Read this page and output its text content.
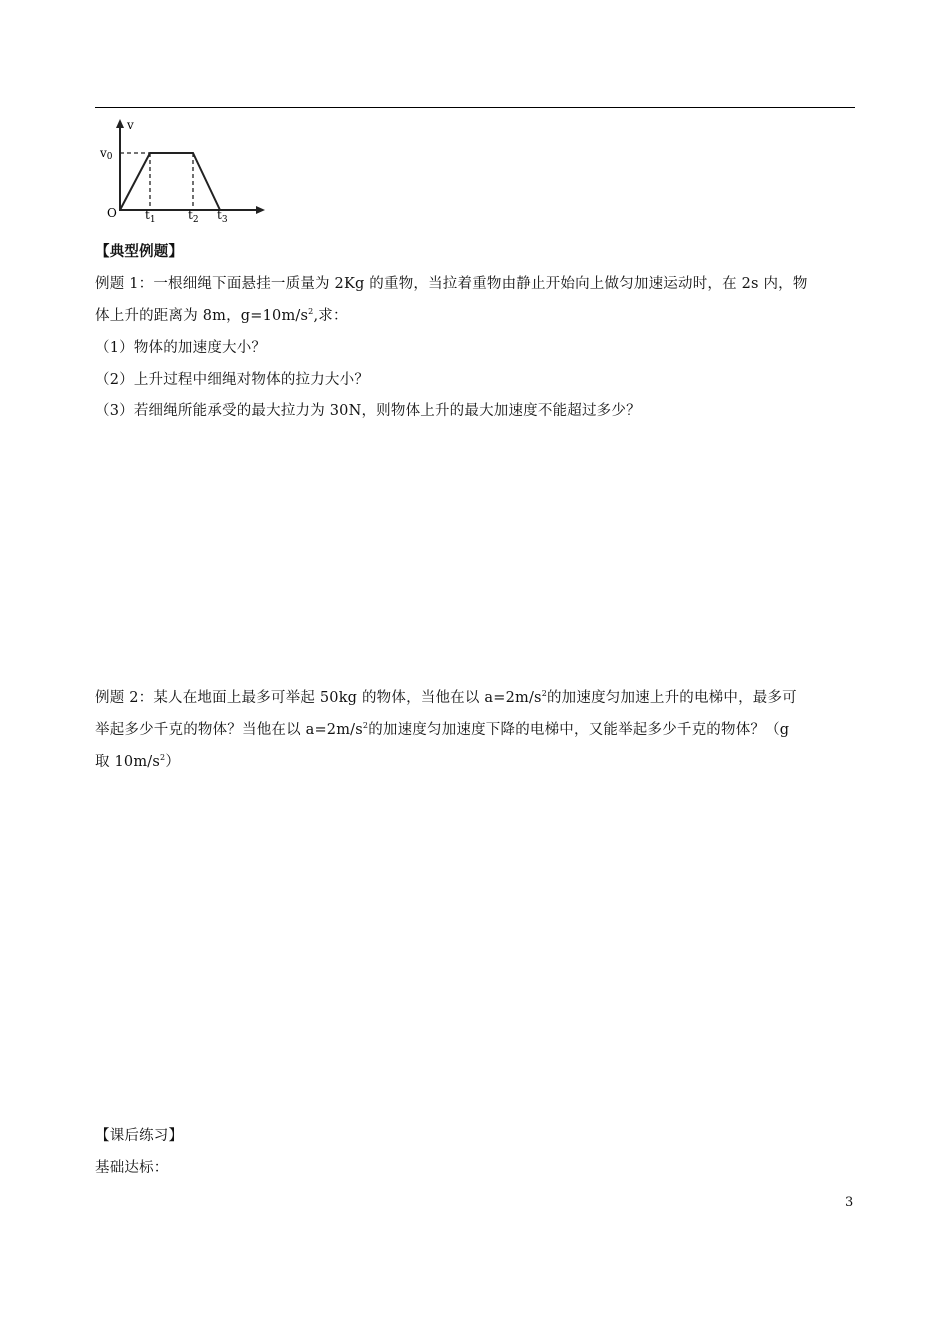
v
v0
O $t_1$	$t_2$ $t_3$
【典型例题】
例题 1：一根细绳下面悬挂一质量为 2Kg 的重物，当拉着重物由静止开始向上做匀加速运动时，在 2s 内，物
体上升的距离为 8m，$g=10m/s^2$,求：
（1）物体的加速度大小？
（2）上升过程中细绳对物体的拉力大小？
（3）若细绳所能承受的最大拉力为 30N，则物体上升的最大加速度不能超过多少？
例题 2：某人在地面上最多可举起 50kg 的物体，当他在以 $a=2m/s^2$的加速度匀加速上升的电梯中，最多可
举起多少千克的物体？当他在以 $a=2m/s^2$的加速度匀加速度下降的电梯中，又能举起多少千克的物体？（g
取 $10m/s^2$）
【课后练习】
基础达标：
3
